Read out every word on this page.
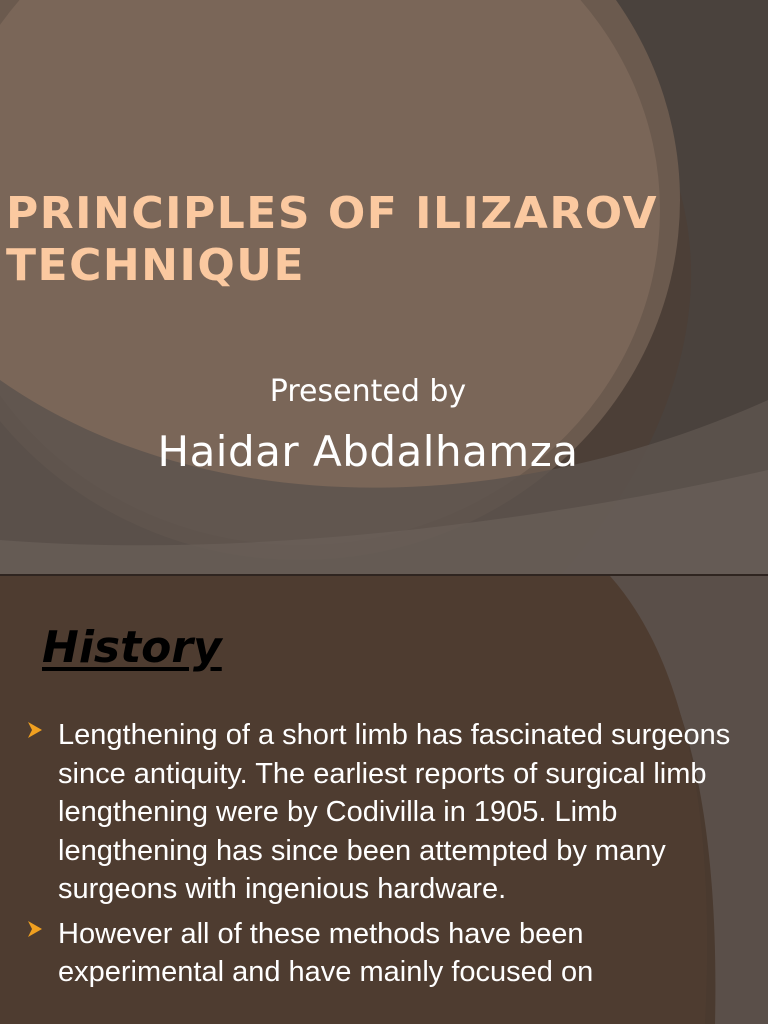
PRINCIPLES OF ILIZAROV TECHNIQUE
Presented by
Haidar Abdalhamza
History
Lengthening of a short limb has fascinated surgeons since antiquity. The earliest reports of surgical limb lengthening were by Codivilla in 1905. Limb lengthening has since been attempted by many surgeons with ingenious hardware.
However all of these methods have been experimental and have mainly focused on
